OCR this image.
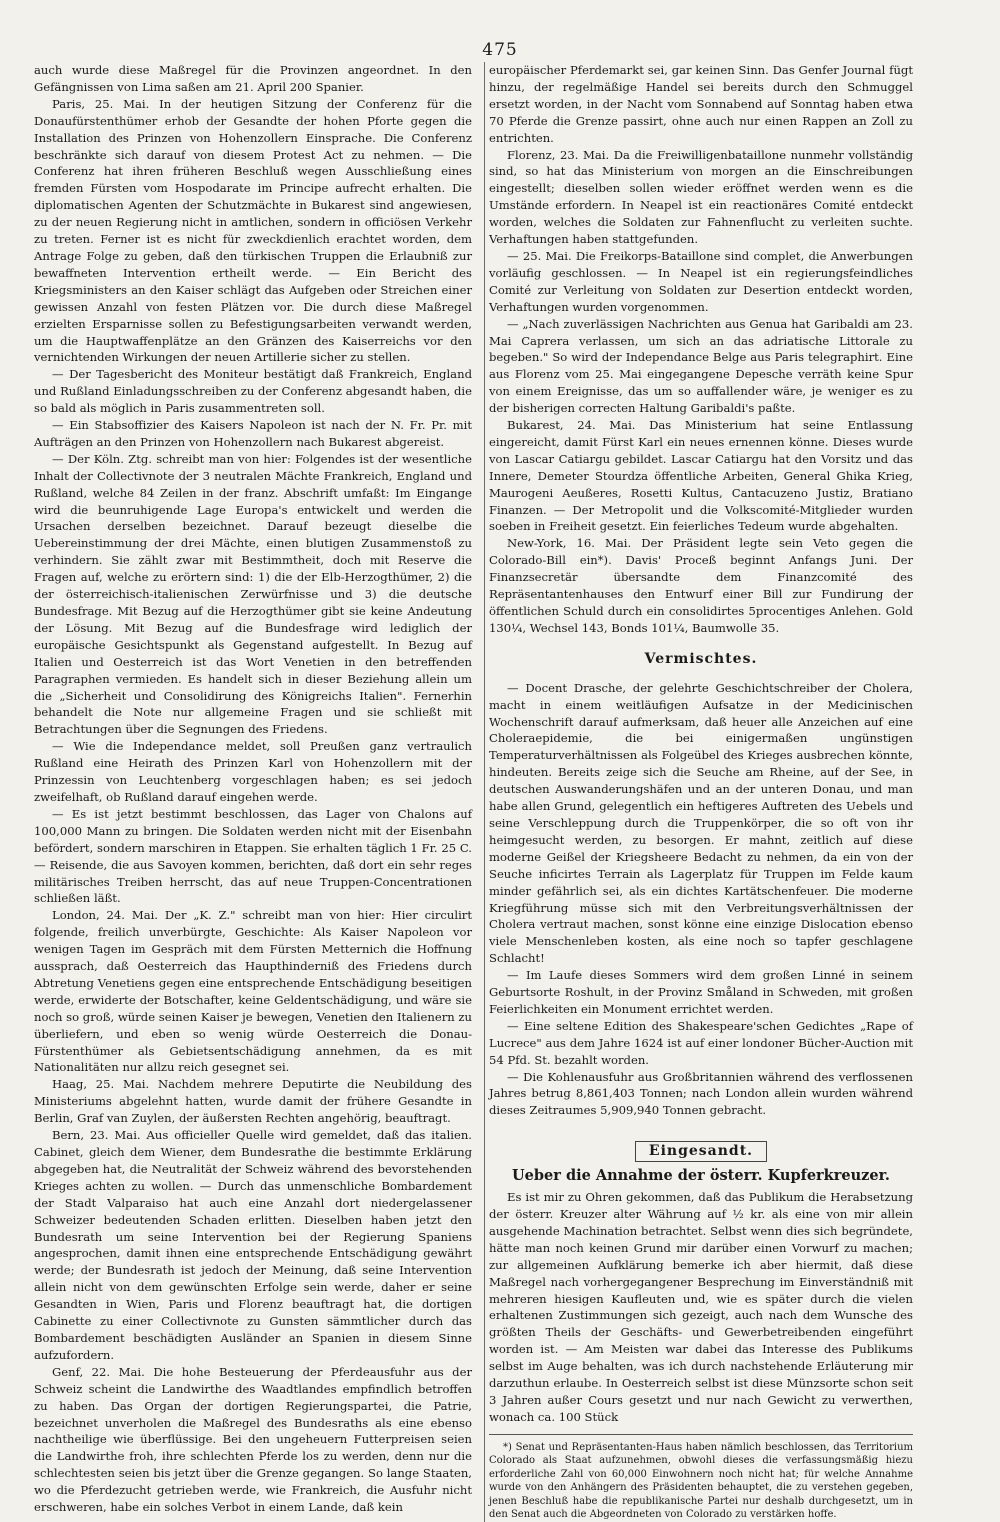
475

auch wurde diese Maßregel für die Provinzen angeordnet. In den Gefängnissen von Lima saßen am 21. April 200 Spanier.

Paris, 25. Mai. In der heutigen Sitzung der Conferenz für die Donaufürstenthümer erhob der Gesandte der hohen Pforte gegen die Installation des Prinzen von Hohenzollern Einsprache. Die Conferenz beschränkte sich darauf von diesem Protest Act zu nehmen. — Die Conferenz hat ihren früheren Beschluß wegen Ausschließung eines fremden Fürsten vom Hospodarate im Principe aufrecht erhalten. Die diplomatischen Agenten der Schutzmächte in Bukarest sind angewiesen, zu der neuen Regierung nicht in amtlichen, sondern in officiösen Verkehr zu treten. Ferner ist es nicht für zweckdienlich erachtet worden, dem Antrage Folge zu geben, daß den türkischen Truppen die Erlaubniß zur bewaffneten Intervention ertheilt werde. — Ein Bericht des Kriegsministers an den Kaiser schlägt das Aufgeben oder Streichen einer gewissen Anzahl von festen Plätzen vor. Die durch diese Maßregel erzielten Ersparnisse sollen zu Befestigungsarbeiten verwandt werden, um die Hauptwaffenplätze an den Gränzen des Kaiserreichs vor den vernichtenden Wirkungen der neuen Artillerie sicher zu stellen.

— Der Tagesbericht des Moniteur bestätigt daß Frankreich, England und Rußland Einladungsschreiben zu der Conferenz abgesandt haben, die so bald als möglich in Paris zusammentreten soll.

— Ein Stabsoffizier des Kaisers Napoleon ist nach der N. Fr. Pr. mit Aufträgen an den Prinzen von Hohenzollern nach Bukarest abgereist.

— Der Köln. Ztg. schreibt man von hier: Folgendes ist der wesentliche Inhalt der Collectivnote der 3 neutralen Mächte Frankreich, England und Rußland, welche 84 Zeilen in der franz. Abschrift umfaßt: Im Eingange wird die beunruhigende Lage Europa's entwickelt und werden die Ursachen derselben bezeichnet. Darauf bezeugt dieselbe die Uebereinstimmung der drei Mächte, einen blutigen Zusammenstoß zu verhindern. Sie zählt zwar mit Bestimmtheit, doch mit Reserve die Fragen auf, welche zu erörtern sind: 1) die der Elb-Herzogthümer, 2) die der österreichisch-italienischen Zerwürfnisse und 3) die deutsche Bundesfrage. Mit Bezug auf die Herzogthümer gibt sie keine Andeutung der Lösung. Mit Bezug auf die Bundesfrage wird lediglich der europäische Gesichtspunkt als Gegenstand aufgestellt. In Bezug auf Italien und Oesterreich ist das Wort Venetien in den betreffenden Paragraphen vermieden. Es handelt sich in dieser Beziehung allein um die „Sicherheit und Consolidirung des Königreichs Italien". Fernerhin behandelt die Note nur allgemeine Fragen und sie schließt mit Betrachtungen über die Segnungen des Friedens.

— Wie die Independance meldet, soll Preußen ganz vertraulich Rußland eine Heirath des Prinzen Karl von Hohenzollern mit der Prinzessin von Leuchtenberg vorgeschlagen haben; es sei jedoch zweifelhaft, ob Rußland darauf eingehen werde.

— Es ist jetzt bestimmt beschlossen, das Lager von Chalons auf 100,000 Mann zu bringen. Die Soldaten werden nicht mit der Eisenbahn befördert, sondern marschiren in Etappen. Sie erhalten täglich 1 Fr. 25 C. — Reisende, die aus Savoyen kommen, berichten, daß dort ein sehr reges militärisches Treiben herrscht, das auf neue Truppen-Concentrationen schließen läßt.

London, 24. Mai. Der „K. Z." schreibt man von hier: Hier circulirt folgende, freilich unverbürgte, Geschichte: Als Kaiser Napoleon vor wenigen Tagen im Gespräch mit dem Fürsten Metternich die Hoffnung aussprach, daß Oesterreich das Haupthinderniß des Friedens durch Abtretung Venetiens gegen eine entsprechende Entschädigung beseitigen werde, erwiderte der Botschafter, keine Geldentschädigung, und wäre sie noch so groß, würde seinen Kaiser je bewegen, Venetien den Italienern zu überliefern, und eben so wenig würde Oesterreich die Donau-Fürstenthümer als Gebietsentschädigung annehmen, da es mit Nationalitäten nur allzu reich gesegnet sei.

Haag, 25. Mai. Nachdem mehrere Deputirte die Neubildung des Ministeriums abgelehnt hatten, wurde damit der frühere Gesandte in Berlin, Graf van Zuylen, der äußersten Rechten angehörig, beauftragt.

Bern, 23. Mai. Aus officieller Quelle wird gemeldet, daß das italien. Cabinet, gleich dem Wiener, dem Bundesrathe die bestimmte Erklärung abgegeben hat, die Neutralität der Schweiz während des bevorstehenden Krieges achten zu wollen. — Durch das unmenschliche Bombardement der Stadt Valparaiso hat auch eine Anzahl dort niedergelassener Schweizer bedeutenden Schaden erlitten. Dieselben haben jetzt den Bundesrath um seine Intervention bei der Regierung Spaniens angesprochen, damit ihnen eine entsprechende Entschädigung gewährt werde; der Bundesrath ist jedoch der Meinung, daß seine Intervention allein nicht von dem gewünschten Erfolge sein werde, daher er seine Gesandten in Wien, Paris und Florenz beauftragt hat, die dortigen Cabinette zu einer Collectivnote zu Gunsten sämmtlicher durch das Bombardement beschädigten Ausländer an Spanien in diesem Sinne aufzufordern.

Genf, 22. Mai. Die hohe Besteuerung der Pferdeausfuhr aus der Schweiz scheint die Landwirthe des Waadtlandes empfindlich betroffen zu haben. Das Organ der dortigen Regierungspartei, die Patrie, bezeichnet unverholen die Maßregel des Bundesraths als eine ebenso nachtheilige wie überflüssige. Bei den ungeheuern Futterpreisen seien die Landwirthe froh, ihre schlechten Pferde los zu werden, denn nur die schlechtesten seien bis jetzt über die Grenze gegangen. So lange Staaten, wo die Pferdezucht getrieben werde, wie Frankreich, die Ausfuhr nicht erschweren, habe ein solches Verbot in einem Lande, daß kein

europäischer Pferdemarkt sei, gar keinen Sinn. Das Genfer Journal fügt hinzu, der regelmäßige Handel sei bereits durch den Schmuggel ersetzt worden, in der Nacht vom Sonnabend auf Sonntag haben etwa 70 Pferde die Grenze passirt, ohne auch nur einen Rappen an Zoll zu entrichten.

Florenz, 23. Mai. Da die Freiwilligenbataillone nunmehr vollständig sind, so hat das Ministerium von morgen an die Einschreibungen eingestellt; dieselben sollen wieder eröffnet werden wenn es die Umstände erfordern. In Neapel ist ein reactionäres Comité entdeckt worden, welches die Soldaten zur Fahnenflucht zu verleiten suchte. Verhaftungen haben stattgefunden.

— 25. Mai. Die Freikorps-Bataillone sind complet, die Anwerbungen vorläufig geschlossen. — In Neapel ist ein regierungsfeindliches Comité zur Verleitung von Soldaten zur Desertion entdeckt worden, Verhaftungen wurden vorgenommen.

— „Nach zuverlässigen Nachrichten aus Genua hat Garibaldi am 23. Mai Caprera verlassen, um sich an das adriatische Littorale zu begeben." So wird der Independance Belge aus Paris telegraphirt. Eine aus Florenz vom 25. Mai eingegangene Depesche verräth keine Spur von einem Ereignisse, das um so auffallender wäre, je weniger es zu der bisherigen correcten Haltung Garibaldi's paßte.

Bukarest, 24. Mai. Das Ministerium hat seine Entlassung eingereicht, damit Fürst Karl ein neues ernennen könne. Dieses wurde von Lascar Catiargu gebildet. Lascar Catiargu hat den Vorsitz und das Innere, Demeter Stourdza öffentliche Arbeiten, General Ghika Krieg, Maurogeni Aeußeres, Rosetti Kultus, Cantacuzeno Justiz, Bratiano Finanzen. — Der Metropolit und die Volkscomité-Mitglieder wurden soeben in Freiheit gesetzt. Ein feierliches Tedeum wurde abgehalten.

New-York, 16. Mai. Der Präsident legte sein Veto gegen die Colorado-Bill ein*). Davis' Proceß beginnt Anfangs Juni. Der Finanzsecretär übersandte dem Finanzcomité des Repräsentantenhauses den Entwurf einer Bill zur Fundirung der öffentlichen Schuld durch ein consolidirtes 5procentiges Anlehen. Gold 130¼, Wechsel 143, Bonds 101¼, Baumwolle 35.

Vermischtes.

— Docent Drasche, der gelehrte Geschichtschreiber der Cholera, macht in einem weitläufigen Aufsatze in der Medicinischen Wochenschrift darauf aufmerksam, daß heuer alle Anzeichen auf eine Choleraepidemie, die bei einigermaßen ungünstigen Temperaturverhältnissen als Folgeübel des Krieges ausbrechen könnte, hindeuten. Bereits zeige sich die Seuche am Rheine, auf der See, in deutschen Auswanderungshäfen und an der unteren Donau, und man habe allen Grund, gelegentlich ein heftigeres Auftreten des Uebels und seine Verschleppung durch die Truppenkörper, die so oft von ihr heimgesucht werden, zu besorgen. Er mahnt, zeitlich auf diese moderne Geißel der Kriegsheere Bedacht zu nehmen, da ein von der Seuche inficirtes Terrain als Lagerplatz für Truppen im Felde kaum minder gefährlich sei, als ein dichtes Kartätschenfeuer. Die moderne Kriegführung müsse sich mit den Verbreitungsverhältnissen der Cholera vertraut machen, sonst könne eine einzige Dislocation ebenso viele Menschenleben kosten, als eine noch so tapfer geschlagene Schlacht!

— Im Laufe dieses Sommers wird dem großen Linné in seinem Geburtsorte Roshult, in der Provinz Småland in Schweden, mit großen Feierlichkeiten ein Monument errichtet werden.

— Eine seltene Edition des Shakespeare'schen Gedichtes „Rape of Lucrece" aus dem Jahre 1624 ist auf einer londoner Bücher-Auction mit 54 Pfd. St. bezahlt worden.

— Die Kohlenausfuhr aus Großbritannien während des verflossenen Jahres betrug 8,861,403 Tonnen; nach London allein wurden während dieses Zeitraumes 5,909,940 Tonnen gebracht.

Eingesandt.
Ueber die Annahme der österr. Kupferkreuzer.

Es ist mir zu Ohren gekommen, daß das Publikum die Herabsetzung der österr. Kreuzer alter Währung auf ½ kr. als eine von mir allein ausgehende Machination betrachtet. Selbst wenn dies sich begründete, hätte man noch keinen Grund mir darüber einen Vorwurf zu machen; zur allgemeinen Aufklärung bemerke ich aber hiermit, daß diese Maßregel nach vorhergegangener Besprechung im Einverständniß mit mehreren hiesigen Kaufleuten und, wie es später durch die vielen erhaltenen Zustimmungen sich gezeigt, auch nach dem Wunsche des größten Theils der Geschäfts- und Gewerbetreibenden eingeführt worden ist. — Am Meisten war dabei das Interesse des Publikums selbst im Auge behalten, was ich durch nachstehende Erläuterung mir darzuthun erlaube. In Oesterreich selbst ist diese Münzsorte schon seit 3 Jahren außer Cours gesetzt und nur nach Gewicht zu verwerthen, wonach ca. 100 Stück

*) Senat und Repräsentanten-Haus haben nämlich beschlossen, das Territorium Colorado als Staat aufzunehmen, obwohl dieses die verfassungsmäßig hiezu erforderliche Zahl von 60,000 Einwohnern noch nicht hat; für welche Annahme wurde von den Anhängern des Präsidenten behauptet, die zu verstehen gegeben, jenen Beschluß habe die republikanische Partei nur deshalb durchgesetzt, um in den Senat auch die Abgeordneten von Colorado zu verstärken hoffe.
